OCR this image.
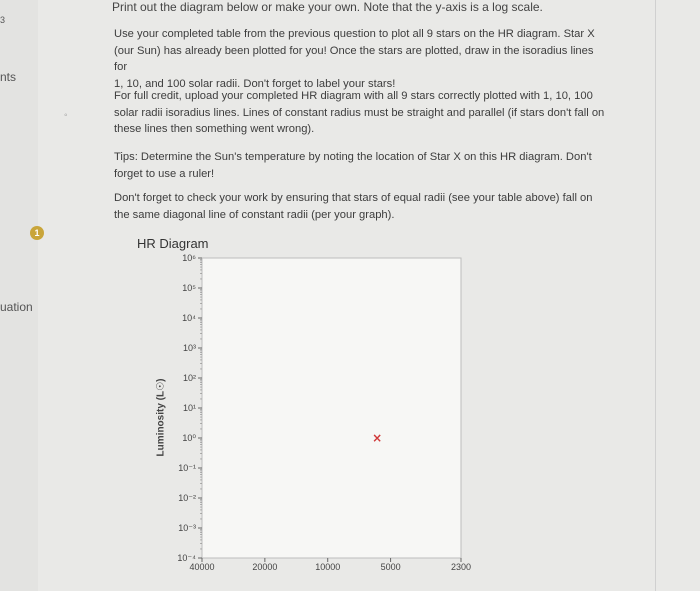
3
nts
1
uation
◦
Print out the diagram below or make your own. Note that the y-axis is a log scale.
Use your completed table from the previous question to plot all 9 stars on the HR diagram. Star X
(our Sun) has already been plotted for you! Once the stars are plotted, draw in the isoradius lines for
1, 10, and 100 solar radii. Don't forget to label your stars!
For full credit, upload your completed HR diagram with all 9 stars correctly plotted with 1, 10, 100
solar radii isoradius lines. Lines of constant radius must be straight and parallel (if stars don't fall on
these lines then something went wrong).
Tips: Determine the Sun's temperature by noting the location of Star X on this HR diagram. Don't
forget to use a ruler!
Don't forget to check your work by ensuring that stars of equal radii (see your table above) fall on
the same diagonal line of constant radii (per your graph).
HR Diagram
Luminosity (L☉)
10⁶
10⁵
10⁴
10³
10²
10¹
10⁰
10⁻¹
10⁻²
10⁻³
10⁻⁴
40000	20000	10000	5000	2300
×
